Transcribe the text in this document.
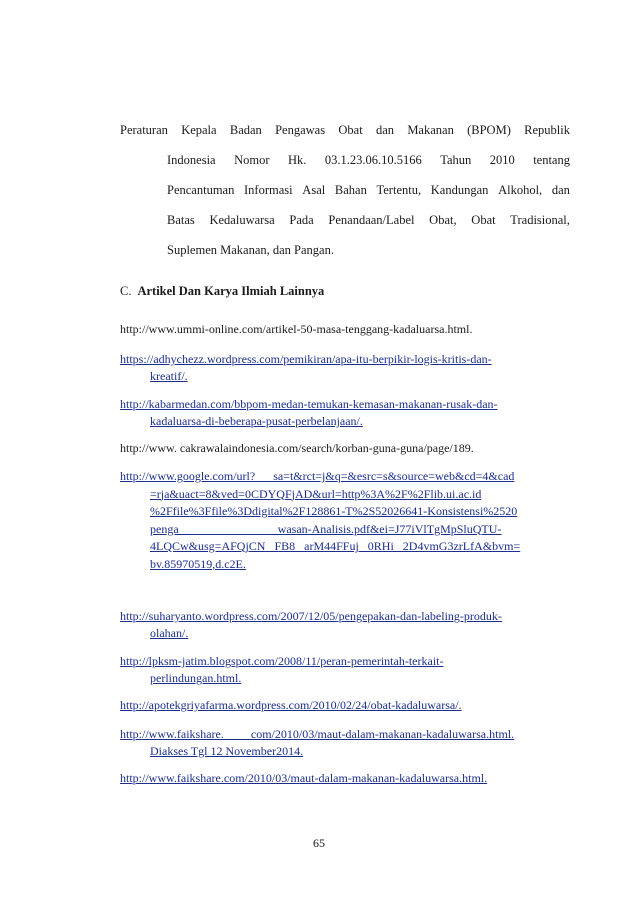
Peraturan Kepala Badan Pengawas Obat dan Makanan (BPOM) Republik
Indonesia Nomor Hk. 03.1.23.06.10.5166 Tahun 2010 tentang
Pencantuman Informasi Asal Bahan Tertentu, Kandungan Alkohol, dan
Batas Kedaluwarsa Pada Penandaan/Label Obat, Obat Tradisional,
Suplemen Makanan, dan Pangan.
C. Artikel Dan Karya Ilmiah Lainnya
http://www.ummi-online.com/artikel-50-masa-tenggang-kadaluarsa.html.
https://adhychezz.wordpress.com/pemikiran/apa-itu-berpikir-logis-kritis-dan-
kreatif/.
http://kabarmedan.com/bbpom-medan-temukan-kemasan-makanan-rusak-dan-
kadaluarsa-di-beberapa-pusat-perbelanjaan/.
http://www. cakrawalaindonesia.com/search/korban-guna-guna/page/189.
http://www.google.com/url?      sa=t&rct=j&q=&esrc=s&source=web&cd=4&cad
=rja&uact=8&ved=0CDYQFjAD&url=http%3A%2F%2Flib.ui.ac.id
%2Ffile%3Ffile%3Ddigital%2F128861-T%2S52026641-Konsistensi%2520
penga                                 wasan-Analisis.pdf&ei=J77iVlTgMpSluQTU-
4LQCw&usg=AFQjCN   FB8   arM44FFuj   0RHi   2D4vmG3zrLfA&bvm=
bv.85970519,d.c2E.
http://suharyanto.wordpress.com/2007/12/05/pengepakan-dan-labeling-produk-
olahan/.
http://lpksm-jatim.blogspot.com/2008/11/peran-pemerintah-terkait-
perlindungan.html.
http://apotekgriyafarma.wordpress.com/2010/02/24/obat-kadaluwarsa/.
http://www.faikshare.         com/2010/03/maut-dalam-makanan-kadaluwarsa.html.
Diakses Tgl 12 November2014.
http://www.faikshare.com/2010/03/maut-dalam-makanan-kadaluwarsa.html.
65
